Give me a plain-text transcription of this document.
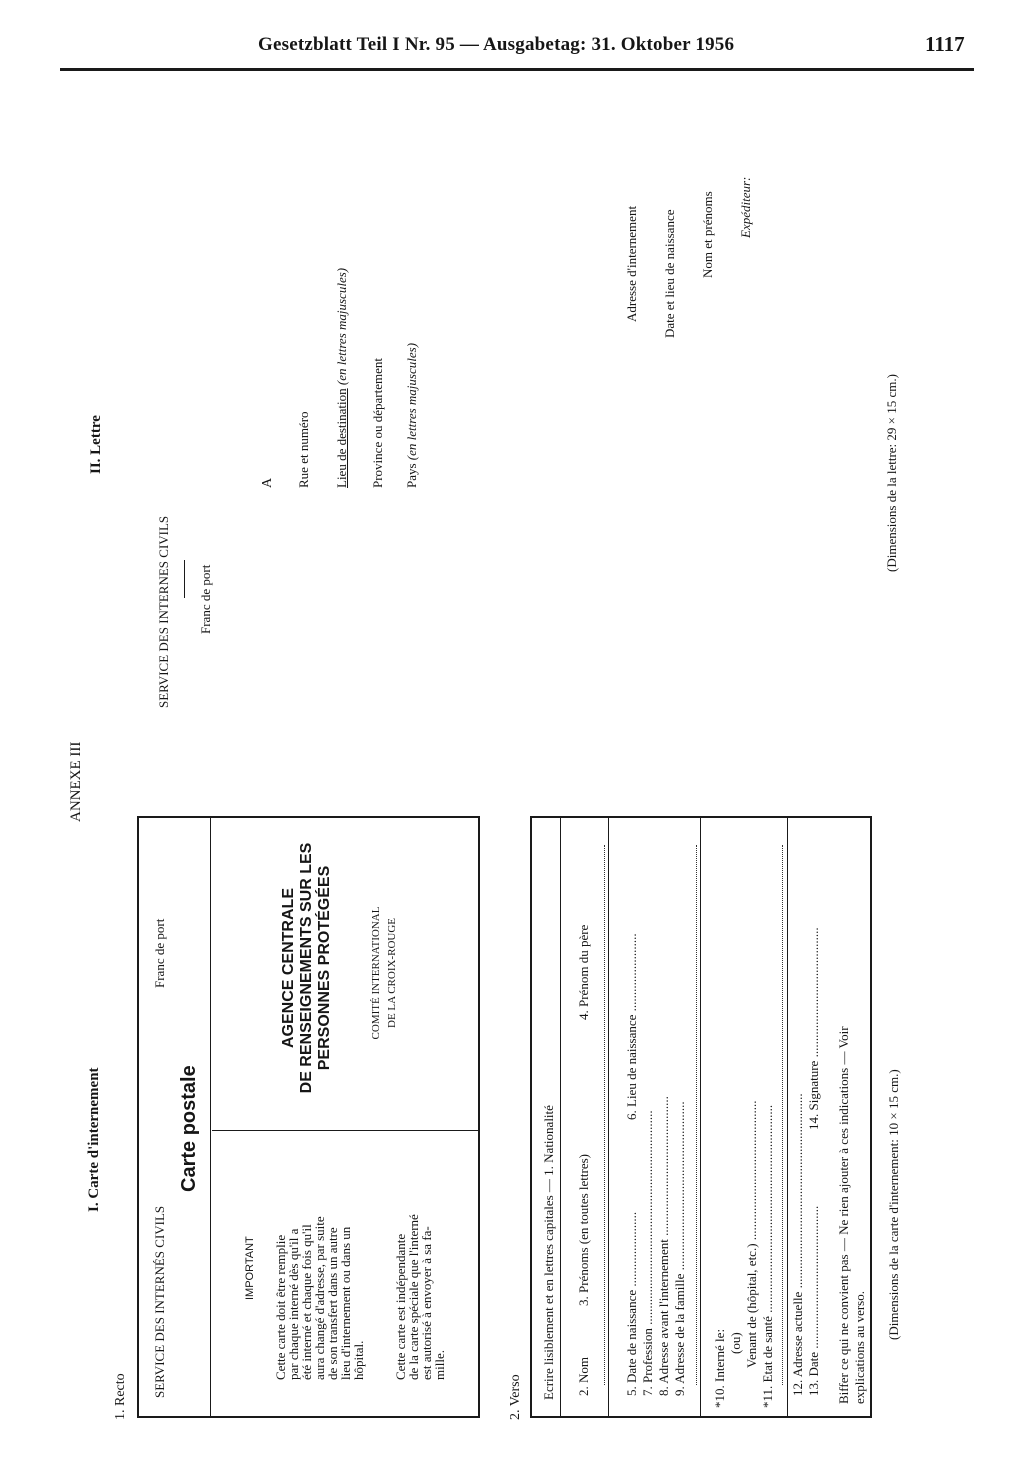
Gesetzblatt Teil I Nr. 95 — Ausgabetag: 31. Oktober 1956	1117
ANNEXE III
I. Carte d'internement
1. Recto SERVICE DES INTERNÉS CIVILS
Franc de port
Carte postale
IMPORTANT Cette carte doit être remplie
par chaque interné dès qu'il a
été interné et chaque fois qu'il
aura changé d'adresse, par suite
de son transfert dans un autre
lieu d'internement ou dans un
hôpital. Cette carte est indépendante
de la carte spéciale que l'interné
est autorisé à envoyer à sa fa-
mille.
AGENCE CENTRALE DE RENSEIGNEMENTS SUR LES PERSONNES PROTÉGÉES	COMITÉ INTERNATIONAL DE LA CROIX-ROUGE
2. Verso Ecrire lisiblement et en lettres capitales — 1. Nationalité 2. Nom
3. Prénoms (en toutes lettres)
4. Prénom du père
5. Date de naissance .......................
6. Lieu de naissance ........................
7. Profession .................................................................. 8. Adresse avant l'internement ........................................... 9. Adresse de la famille .................................................... *10. Interné le: (ou) Venant de (hôpital, etc.) ........................................... *11. Etat de santé ................................................................ 12. Adresse actuelle ............................................................ 13. Date ............................................
14. Signature ........................................ Biffer ce qui ne convient pas — Ne rien ajouter à ces indications — Voir explications au verso.
(Dimensions de la carte d'internement: 10 × 15 cm.)
II. Lettre
SERVICE DES INTERNES CIVILS Franc de port
A Rue et numéro Lieu de destination (en lettres majuscules)
Province ou département Pays (en lettres majuscules)
Adresse d'internement Date et lieu de naissance Nom et prénoms Expéditeur:
(Dimensions de la lettre: 29 × 15 cm.)
